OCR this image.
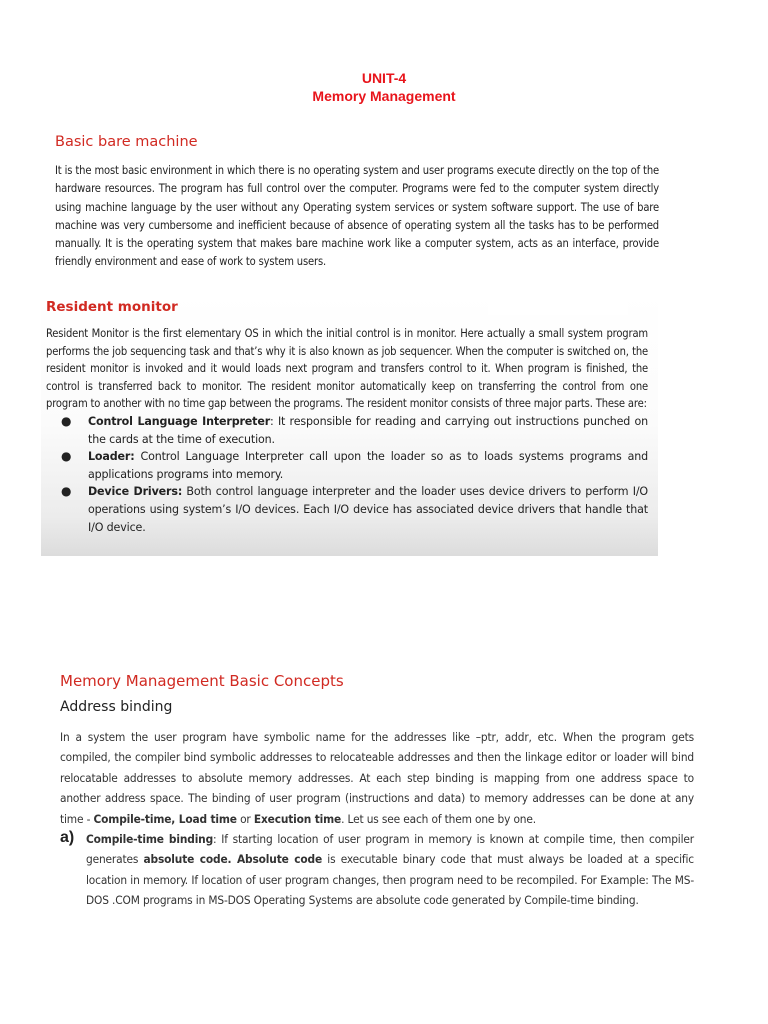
UNIT-4
Memory Management
Basic bare machine

It is the most basic environment in which there is no operating system and user programs execute directly on the top of the hardware resources. The program has full control over the computer. Programs were fed to the computer system directly using machine language by the user without any Operating system services or system software support. The use of bare machine was very cumbersome and inefficient because of absence of operating system all the tasks has to be performed manually. It is the operating system that makes bare machine work like a computer system, acts as an interface, provide friendly environment and ease of work to system users.

Resident monitor

Resident Monitor is the first elementary OS in which the initial control is in monitor. Here actually a small system program performs the job sequencing task and that’s why it is also known as job sequencer. When the computer is switched on, the resident monitor is invoked and it would loads next program and transfers control to it. When program is finished, the control is transferred back to monitor. The resident monitor automatically keep on transferring the control from one program to another with no time gap between the programs. The resident monitor consists of three major parts. These are:

● Control Language Interpreter: It responsible for reading and carrying out instructions punched on the cards at the time of execution.
● Loader: Control Language Interpreter call upon the loader so as to loads systems programs and applications programs into memory.
● Device Drivers: Both control language interpreter and the loader uses device drivers to perform I/O operations using system’s I/O devices. Each I/O device has associated device drivers that handle that I/O device.
Memory Management Basic Concepts
Address binding

In a system the user program have symbolic name for the addresses like –ptr, addr, etc. When the program gets compiled, the compiler bind symbolic addresses to relocateable addresses and then the linkage editor or loader will bind relocatable addresses to absolute memory addresses. At each step binding is mapping from one address space to another address space. The binding of user program (instructions and data) to memory addresses can be done at any time - Compile-time, Load time or Execution time. Let us see each of them one by one.

a) Compile-time binding: If starting location of user program in memory is known at compile time, then compiler generates absolute code. Absolute code is executable binary code that must always be loaded at a specific location in memory. If location of user program changes, then program need to be recompiled. For Example: The MS-DOS .COM programs in MS-DOS Operating Systems are absolute code generated by Compile-time binding.
